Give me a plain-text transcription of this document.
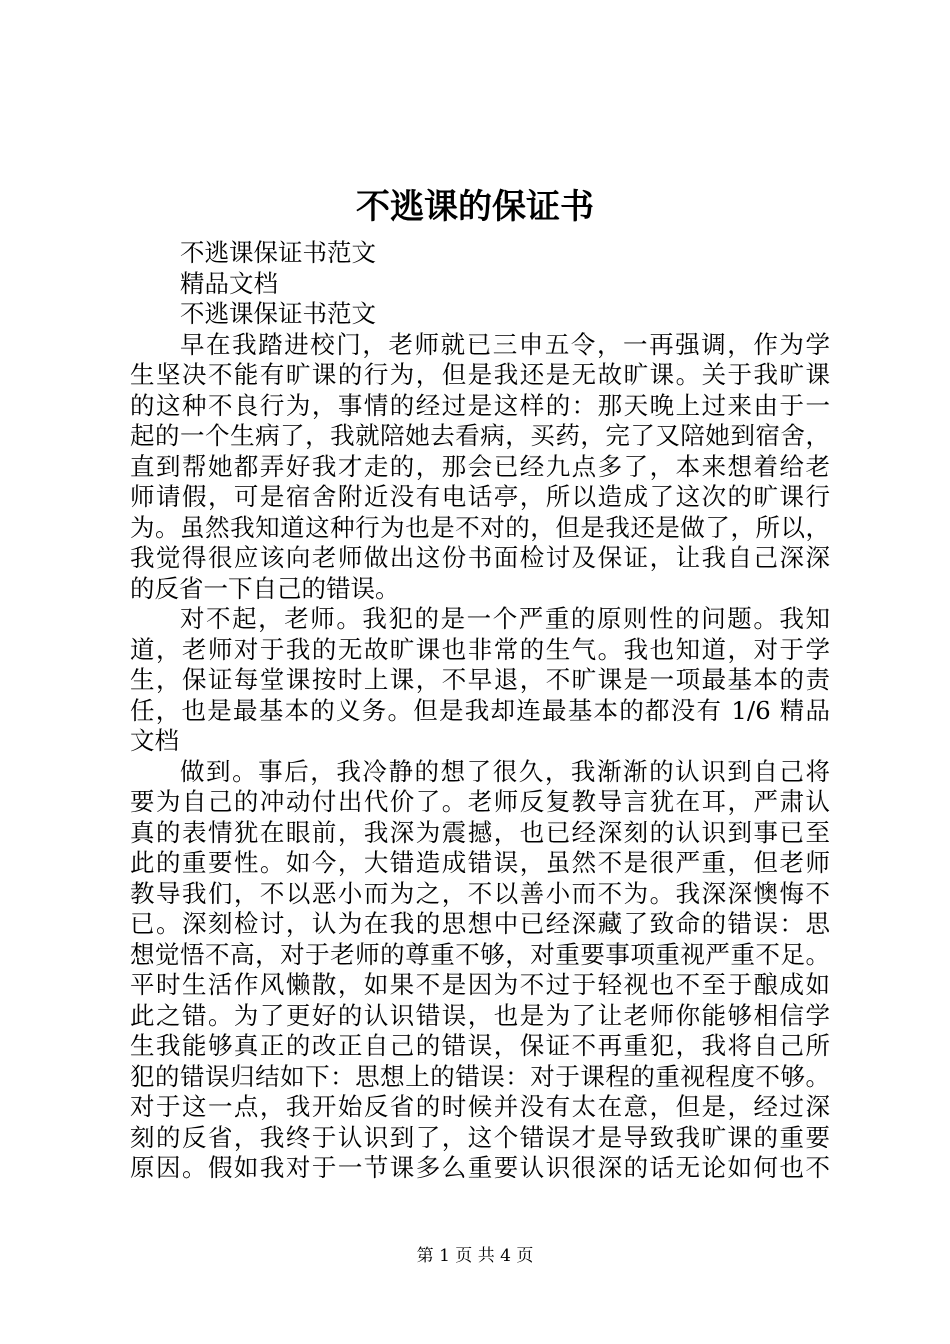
不逃课的保证书

不逃课保证书范文

精品文档

不逃课保证书范文

早在我踏进校门，老师就已三申五令，一再强调，作为学

生坚决不能有旷课的行为，但是我还是无故旷课。关于我旷课

的这种不良行为，事情的经过是这样的：那天晚上过来由于一

起的一个生病了，我就陪她去看病，买药，完了又陪她到宿舍，

直到帮她都弄好我才走的，那会已经九点多了，本来想着给老

师请假，可是宿舍附近没有电话亭，所以造成了这次的旷课行

为。虽然我知道这种行为也是不对的，但是我还是做了，所以，

我觉得很应该向老师做出这份书面检讨及保证，让我自己深深

的反省一下自己的错误。

对不起，老师。我犯的是一个严重的原则性的问题。我知

道，老师对于我的无故旷课也非常的生气。我也知道，对于学

生，保证每堂课按时上课，不早退，不旷课是一项最基本的责

任，也是最基本的义务。但是我却连最基本的都没有 1/6 精品

文档

做到。事后，我冷静的想了很久，我渐渐的认识到自己将

要为自己的冲动付出代价了。老师反复教导言犹在耳，严肃认

真的表情犹在眼前，我深为震撼，也已经深刻的认识到事已至

此的重要性。如今，大错造成错误，虽然不是很严重，但老师

教导我们，不以恶小而为之，不以善小而不为。我深深懊悔不

已。深刻检讨，认为在我的思想中已经深藏了致命的错误：思

想觉悟不高，对于老师的尊重不够，对重要事项重视严重不足。

平时生活作风懒散，如果不是因为不过于轻视也不至于酿成如

此之错。为了更好的认识错误，也是为了让老师你能够相信学

生我能够真正的改正自己的错误，保证不再重犯，我将自己所

犯的错误归结如下：思想上的错误：对于课程的重视程度不够。

对于这一点，我开始反省的时候并没有太在意，但是，经过深

刻的反省，我终于认识到了，这个错误才是导致我旷课的重要

原因。假如我对于一节课多么重要认识很深的话无论如何也不

第 1 页 共 4 页
